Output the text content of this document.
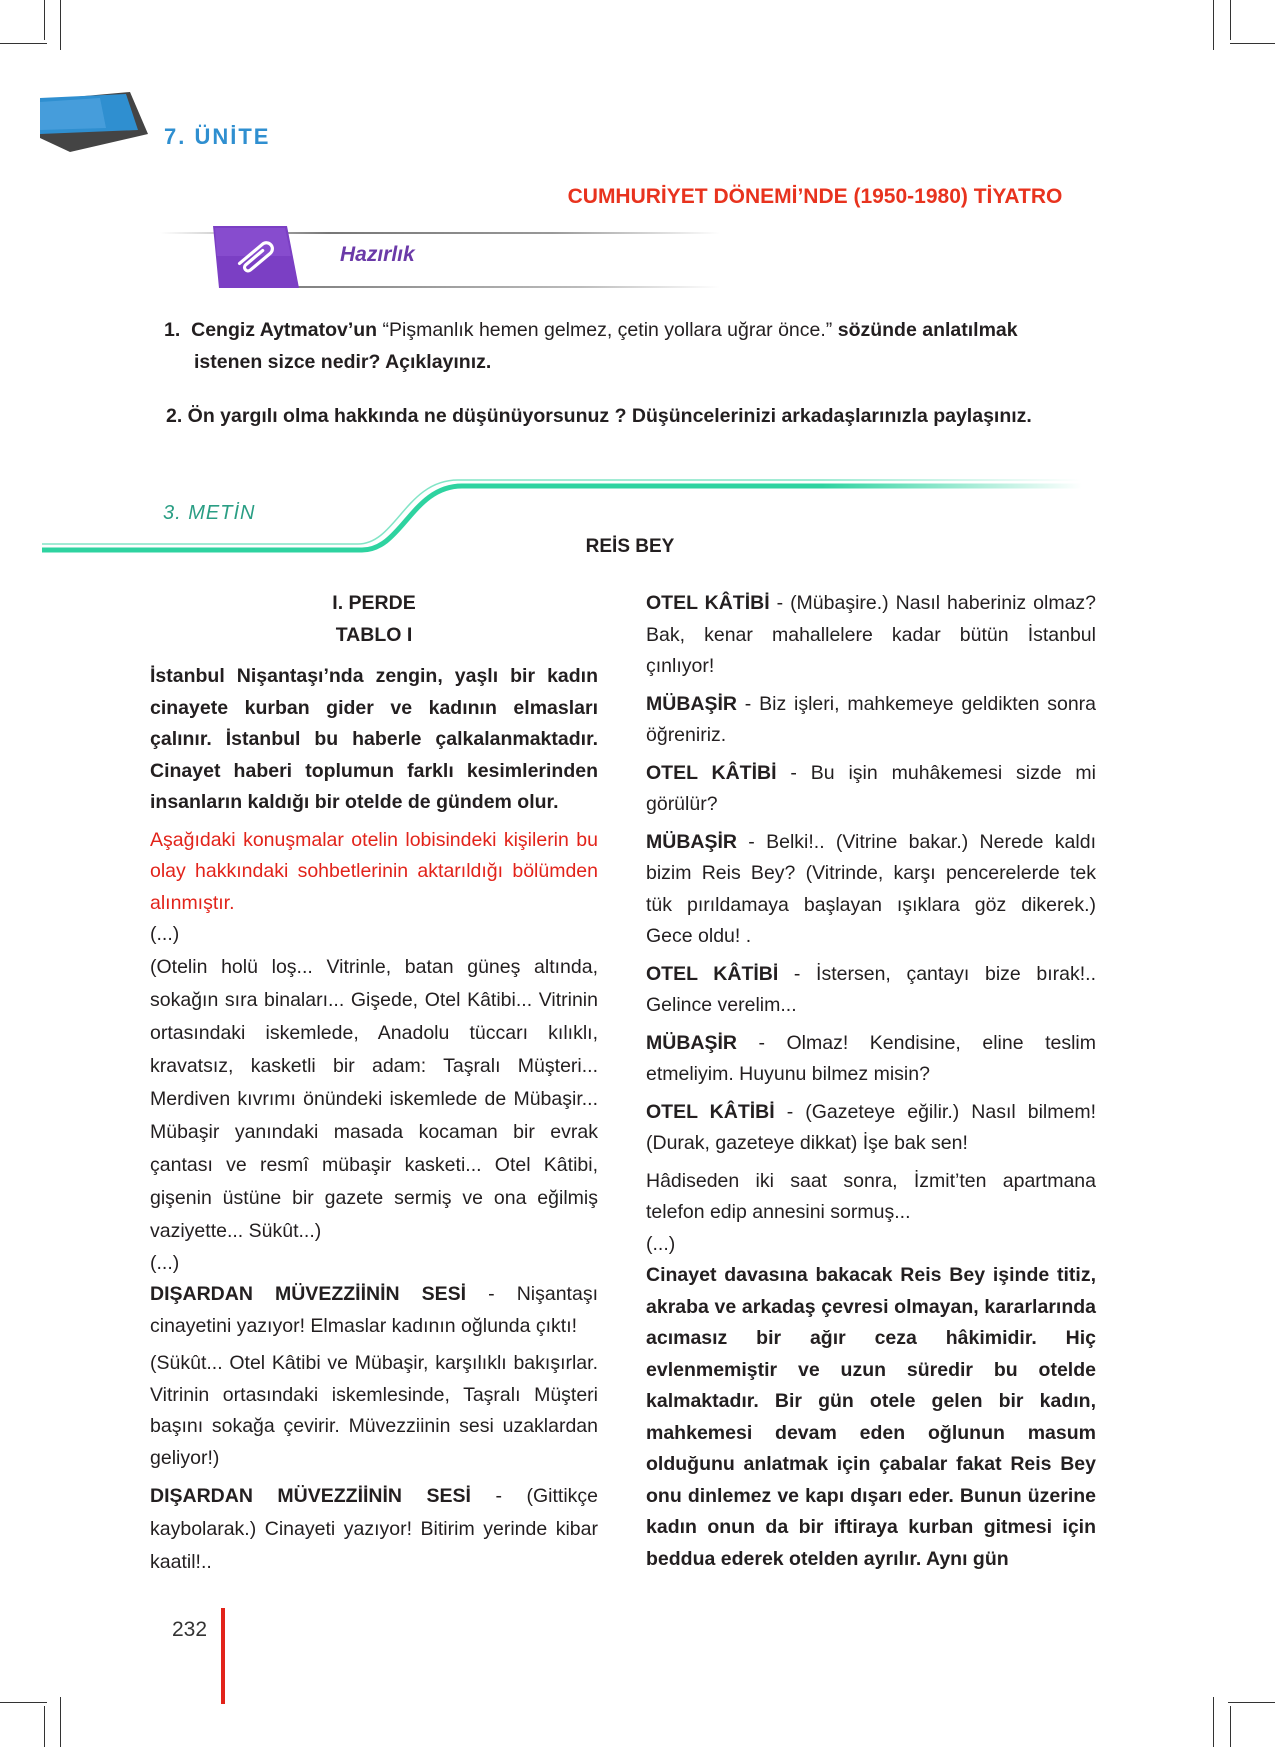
7. ÜNİTE
CUMHURİYET DÖNEMİ’NDE (1950-1980) TİYATRO
Hazırlık
1. Cengiz Aytmatov’un “Pişmanlık hemen gelmez, çetin yollara uğrar önce.” sözünde anlatılmak
istenen sizce nedir? Açıklayınız.
2. Ön yargılı olma hakkında ne düşünüyorsunuz ? Düşüncelerinizi arkadaşlarınızla paylaşınız.
3. METİN
REİS BEY

I. PERDE

TABLO I

İstanbul Nişantaşı’nda zengin, yaşlı bir kadın cinayete kurban gider ve kadının elmasları çalınır. İstanbul bu haberle çalkalanmaktadır. Cinayet haberi toplumun farklı kesimlerinden insanların kaldığı bir otelde de gündem olur.

Aşağıdaki konuşmalar otelin lobisindeki kişilerin bu olay hakkındaki sohbetlerinin aktarıldığı bölümden alınmıştır.

(...)

(Otelin holü loş... Vitrinle, batan güneş altında, sokağın sıra binaları... Gişede, Otel Kâtibi... Vitrinin ortasındaki iskemlede, Anadolu tüccarı kılıklı, kravatsız, kasketli bir adam: Taşralı Müşteri... Merdiven kıvrımı önündeki iskemlede de Mübaşir... Mübaşir yanındaki masada kocaman bir evrak çantası ve resmî mübaşir kasketi... Otel Kâtibi, gişenin üstüne bir gazete sermiş ve ona eğilmiş vaziyette... Sükût...)

(...)

DIŞARDAN MÜVEZZİİNİN SESİ - Nişantaşı cinayetini yazıyor! Elmaslar kadının oğlunda çıktı!

(Sükût... Otel Kâtibi ve Mübaşir, karşılıklı bakışırlar. Vitrinin ortasındaki iskemlesinde, Taşralı Müşteri başını sokağa çevirir. Müvezziinin sesi uzaklardan geliyor!)

DIŞARDAN MÜVEZZİİNİN SESİ - (Gittikçe kaybolarak.) Cinayeti yazıyor! Bitirim yerinde kibar kaatil!..

OTEL KÂTİBİ - (Mübaşire.) Nasıl haberiniz olmaz? Bak, kenar mahallelere kadar bütün İstanbul çınlıyor!

MÜBAŞİR - Biz işleri, mahkemeye geldikten sonra öğreniriz.

OTEL KÂTİBİ - Bu işin muhâkemesi sizde mi görülür?

MÜBAŞİR - Belki!.. (Vitrine bakar.) Nerede kaldı bizim Reis Bey? (Vitrinde, karşı pencerelerde tek tük pırıldamaya başlayan ışıklara göz dikerek.) Gece oldu! .

OTEL KÂTİBİ - İstersen, çantayı bize bırak!.. Gelince verelim...

MÜBAŞİR - Olmaz! Kendisine, eline teslim etmeliyim. Huyunu bilmez misin?

OTEL KÂTİBİ - (Gazeteye eğilir.) Nasıl bilmem! (Durak, gazeteye dikkat) İşe bak sen!

Hâdiseden iki saat sonra, İzmit’ten apartmana telefon edip annesini sormuş...

(...)

Cinayet davasına bakacak Reis Bey işinde titiz, akraba ve arkadaş çevresi olmayan, kararlarında acımasız bir ağır ceza hâkimidir. Hiç evlenmemiştir ve uzun süredir bu otelde kalmaktadır. Bir gün otele gelen bir kadın, mahkemesi devam eden oğlunun masum olduğunu anlatmak için çabalar fakat Reis Bey onu dinlemez ve kapı dışarı eder. Bunun üzerine kadın onun da bir iftiraya kurban gitmesi için beddua ederek otelden ayrılır. Aynı gün

232
